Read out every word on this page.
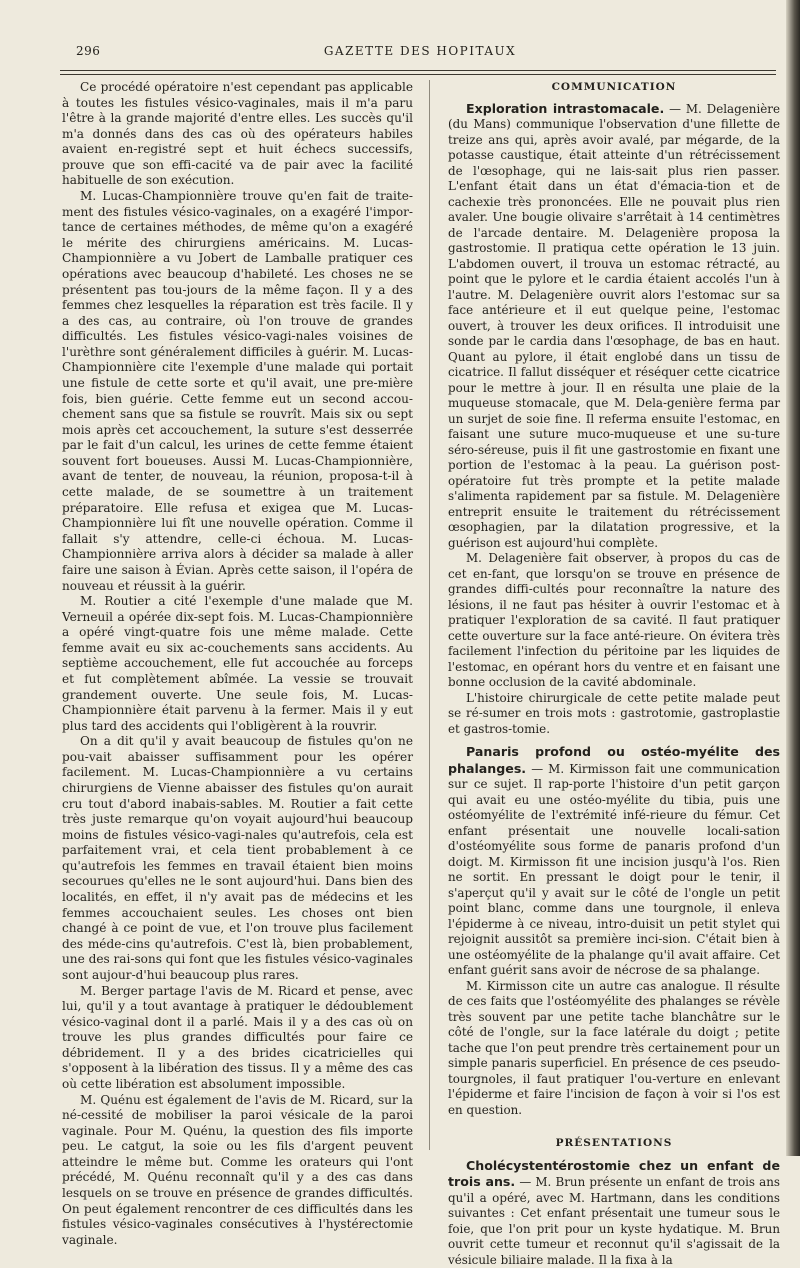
296	GAZETTE DES HOPITAUX

Ce procédé opératoire n'est cependant pas applicable à toutes les fistules vésico-vaginales, mais il m'a paru l'être à la grande majorité d'entre elles. Les succès qu'il m'a donnés dans des cas où des opérateurs habiles avaient en-registré sept et huit échecs successifs, prouve que son effi-cacité va de pair avec la facilité habituelle de son exécution.

M. Lucas-Championnière trouve qu'en fait de traite-ment des fistules vésico-vaginales, on a exagéré l'impor-tance de certaines méthodes, de même qu'on a exagéré le mérite des chirurgiens américains. M. Lucas-Championnière a vu Jobert de Lamballe pratiquer ces opérations avec beaucoup d'habileté. Les choses ne se présentent pas tou-jours de la même façon. Il y a des femmes chez lesquelles la réparation est très facile. Il y a des cas, au contraire, où l'on trouve de grandes difficultés. Les fistules vésico-vagi-nales voisines de l'urèthre sont généralement difficiles à guérir. M. Lucas-Championnière cite l'exemple d'une malade qui portait une fistule de cette sorte et qu'il avait, une pre-mière fois, bien guérie. Cette femme eut un second accou-chement sans que sa fistule se rouvrît. Mais six ou sept mois après cet accouchement, la suture s'est desserrée par le fait d'un calcul, les urines de cette femme étaient souvent fort boueuses. Aussi M. Lucas-Championnière, avant de tenter, de nouveau, la réunion, proposa-t-il à cette malade, de se soumettre à un traitement préparatoire. Elle refusa et exigea que M. Lucas-Championnière lui fît une nouvelle opération. Comme il fallait s'y attendre, celle-ci échoua. M. Lucas-Championnière arriva alors à décider sa malade à aller faire une saison à Évian. Après cette saison, il l'opéra de nouveau et réussit à la guérir.

M. Routier a cité l'exemple d'une malade que M. Verneuil a opérée dix-sept fois. M. Lucas-Championnière a opéré vingt-quatre fois une même malade. Cette femme avait eu six ac-couchements sans accidents. Au septième accouchement, elle fut accouchée au forceps et fut complètement abîmée. La vessie se trouvait grandement ouverte. Une seule fois, M. Lucas-Championnière était parvenu à la fermer. Mais il y eut plus tard des accidents qui l'obligèrent à la rouvrir.

On a dit qu'il y avait beaucoup de fistules qu'on ne pou-vait abaisser suffisamment pour les opérer facilement. M. Lucas-Championnière a vu certains chirurgiens de Vienne abaisser des fistules qu'on aurait cru tout d'abord inabais-sables. M. Routier a fait cette très juste remarque qu'on voyait aujourd'hui beaucoup moins de fistules vésico-vagi-nales qu'autrefois, cela est parfaitement vrai, et cela tient probablement à ce qu'autrefois les femmes en travail étaient bien moins secourues qu'elles ne le sont aujourd'hui. Dans bien des localités, en effet, il n'y avait pas de médecins et les femmes accouchaient seules. Les choses ont bien changé à ce point de vue, et l'on trouve plus facilement des méde-cins qu'autrefois. C'est là, bien probablement, une des rai-sons qui font que les fistules vésico-vaginales sont aujour-d'hui beaucoup plus rares.

M. Berger partage l'avis de M. Ricard et pense, avec lui, qu'il y a tout avantage à pratiquer le dédoublement vésico-vaginal dont il a parlé. Mais il y a des cas où on trouve les plus grandes difficultés pour faire ce débridement. Il y a des brides cicatricielles qui s'opposent à la libération des tissus. Il y a même des cas où cette libération est absolument impossible.

M. Quénu est également de l'avis de M. Ricard, sur la né-cessité de mobiliser la paroi vésicale de la paroi vaginale. Pour M. Quénu, la question des fils importe peu. Le catgut, la soie ou les fils d'argent peuvent atteindre le même but. Comme les orateurs qui l'ont précédé, M. Quénu reconnaît qu'il y a des cas dans lesquels on se trouve en présence de grandes difficultés. On peut également rencontrer de ces difficultés dans les fistules vésico-vaginales consécutives à l'hystérectomie vaginale.

COMMUNICATION

Exploration intrastomacale. — M. Delagenière (du Mans) communique l'observation d'une fillette de treize ans qui, après avoir avalé, par mégarde, de la potasse caustique, était atteinte d'un rétrécissement de l'œsophage, qui ne lais-sait plus rien passer. L'enfant était dans un état d'émacia-tion et de cachexie très prononcées. Elle ne pouvait plus rien avaler. Une bougie olivaire s'arrêtait à 14 centimètres de l'arcade dentaire. M. Delagenière proposa la gastrostomie. Il pratiqua cette opération le 13 juin. L'abdomen ouvert, il trouva un estomac rétracté, au point que le pylore et le cardia étaient accolés l'un à l'autre. M. Delagenière ouvrit alors l'estomac sur sa face antérieure et il eut quelque peine, l'estomac ouvert, à trouver les deux orifices. Il introduisit une sonde par le cardia dans l'œsophage, de bas en haut. Quant au pylore, il était englobé dans un tissu de cicatrice. Il fallut disséquer et réséquer cette cicatrice pour le mettre à jour. Il en résulta une plaie de la muqueuse stomacale, que M. Dela-genière ferma par un surjet de soie fine. Il referma ensuite l'estomac, en faisant une suture muco-muqueuse et une su-ture séro-séreuse, puis il fit une gastrostomie en fixant une portion de l'estomac à la peau. La guérison post-opératoire fut très prompte et la petite malade s'alimenta rapidement par sa fistule. M. Delagenière entreprit ensuite le traitement du rétrécissement œsophagien, par la dilatation progressive, et la guérison est aujourd'hui complète.

M. Delagenière fait observer, à propos du cas de cet en-fant, que lorsqu'on se trouve en présence de grandes diffi-cultés pour reconnaître la nature des lésions, il ne faut pas hésiter à ouvrir l'estomac et à pratiquer l'exploration de sa cavité. Il faut pratiquer cette ouverture sur la face anté-rieure. On évitera très facilement l'infection du péritoine par les liquides de l'estomac, en opérant hors du ventre et en faisant une bonne occlusion de la cavité abdominale.

L'histoire chirurgicale de cette petite malade peut se ré-sumer en trois mots : gastrotomie, gastroplastie et gastros-tomie.

Panaris profond ou ostéo-myélite des phalanges. — M. Kirmisson fait une communication sur ce sujet. Il rap-porte l'histoire d'un petit garçon qui avait eu une ostéo-myélite du tibia, puis une ostéomyélite de l'extrémité infé-rieure du fémur. Cet enfant présentait une nouvelle locali-sation d'ostéomyélite sous forme de panaris profond d'un doigt. M. Kirmisson fit une incision jusqu'à l'os. Rien ne sortit. En pressant le doigt pour le tenir, il s'aperçut qu'il y avait sur le côté de l'ongle un petit point blanc, comme dans une tourgnole, il enleva l'épiderme à ce niveau, intro-duisit un petit stylet qui rejoignit aussitôt sa première inci-sion. C'était bien à une ostéomyélite de la phalange qu'il avait affaire. Cet enfant guérit sans avoir de nécrose de sa phalange.

M. Kirmisson cite un autre cas analogue. Il résulte de ces faits que l'ostéomyélite des phalanges se révèle très souvent par une petite tache blanchâtre sur le côté de l'ongle, sur la face latérale du doigt ; petite tache que l'on peut prendre très certainement pour un simple panaris superficiel. En présence de ces pseudo-tourgnoles, il faut pratiquer l'ou-verture en enlevant l'épiderme et faire l'incision de façon à voir si l'os est en question.

PRÉSENTATIONS

Cholécystentérostomie chez un enfant de trois ans. — M. Brun présente un enfant de trois ans qu'il a opéré, avec M. Hartmann, dans les conditions suivantes : Cet enfant présentait une tumeur sous le foie, que l'on prit pour un kyste hydatique. M. Brun ouvrit cette tumeur et reconnut qu'il s'agissait de la vésicule biliaire malade. Il la fixa à la
